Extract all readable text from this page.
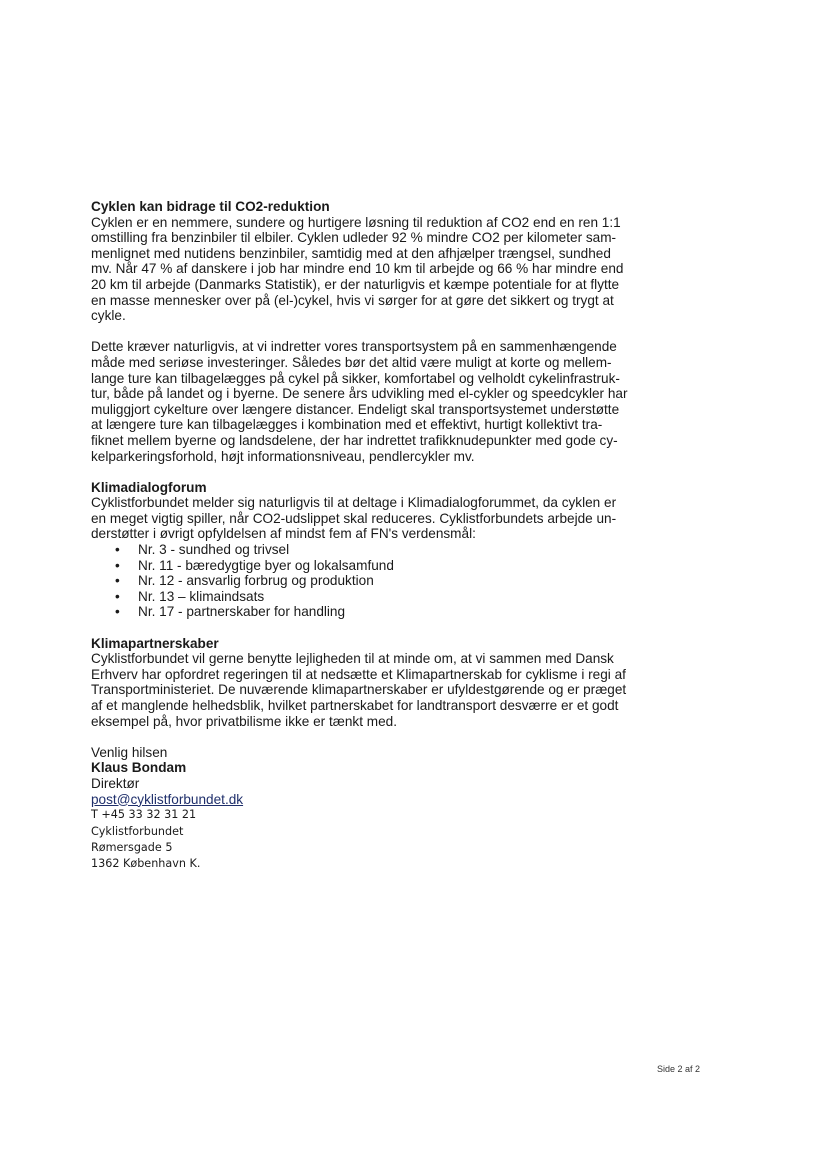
Cyklen kan bidrage til CO2-reduktion

Cyklen er en nemmere, sundere og hurtigere løsning til reduktion af CO2 end en ren 1:1
omstilling fra benzinbiler til elbiler. Cyklen udleder 92 % mindre CO2 per kilometer sam-
menlignet med nutidens benzinbiler, samtidig med at den afhjælper trængsel, sundhed
mv. Når 47 % af danskere i job har mindre end 10 km til arbejde og 66 % har mindre end
20 km til arbejde (Danmarks Statistik), er der naturligvis et kæmpe potentiale for at flytte
en masse mennesker over på (el-)cykel, hvis vi sørger for at gøre det sikkert og trygt at
cykle.

Dette kræver naturligvis, at vi indretter vores transportsystem på en sammenhængende
måde med seriøse investeringer. Således bør det altid være muligt at korte og mellem-
lange ture kan tilbagelægges på cykel på sikker, komfortabel og velholdt cykelinfrastruk-
tur, både på landet og i byerne. De senere års udvikling med el-cykler og speedcykler har
muliggjort cykelture over længere distancer. Endeligt skal transportsystemet understøtte
at længere ture kan tilbagelægges i kombination med et effektivt, hurtigt kollektivt tra-
fiknet mellem byerne og landsdelene, der har indrettet trafikknudepunkter med gode cy-
kelparkeringsforhold, højt informationsniveau, pendlercykler mv.

Klimadialogforum

Cyklistforbundet melder sig naturligvis til at deltage i Klimadialogforummet, da cyklen er
en meget vigtig spiller, når CO2-udslippet skal reduceres. Cyklistforbundets arbejde un-
derstøtter i øvrigt opfyldelsen af mindst fem af FN's verdensmål:

• Nr. 3 - sundhed og trivsel
• Nr. 11 - bæredygtige byer og lokalsamfund
• Nr. 12 - ansvarlig forbrug og produktion
• Nr. 13 – klimaindsats
• Nr. 17 - partnerskaber for handling

Klimapartnerskaber

Cyklistforbundet vil gerne benytte lejligheden til at minde om, at vi sammen med Dansk
Erhverv har opfordret regeringen til at nedsætte et Klimapartnerskab for cyklisme i regi af
Transportministeriet. De nuværende klimapartnerskaber er ufyldestgørende og er præget
af et manglende helhedsblik, hvilket partnerskabet for landtransport desværre er et godt
eksempel på, hvor privatbilisme ikke er tænkt med.

Venlig hilsen
Klaus Bondam
Direktør
post@cyklistforbundet.dk
T +45 33 32 31 21
Cyklistforbundet
Rømersgade 5
1362 København K.
Side 2 af 2
